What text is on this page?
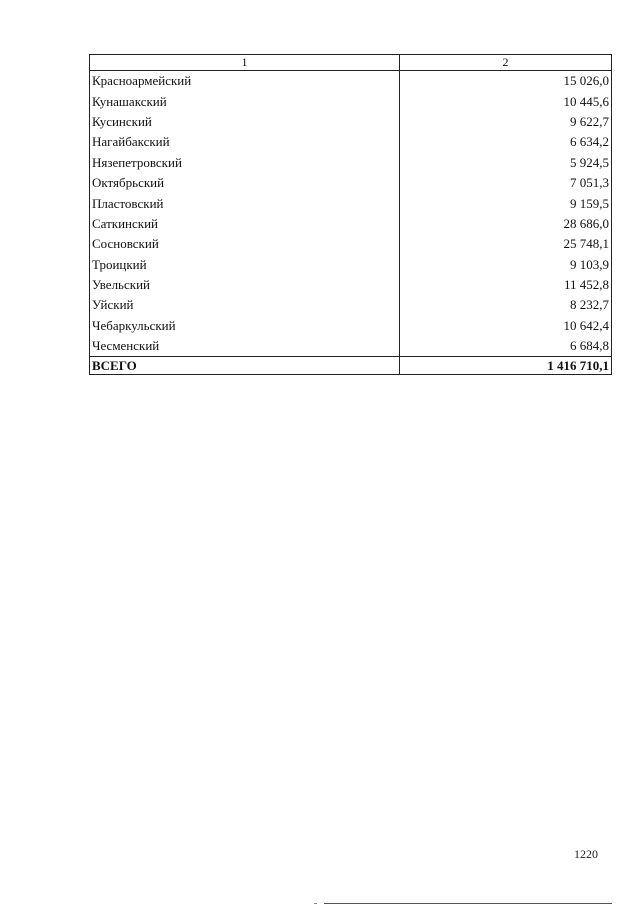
1	2
Красноармейский	15 026,0
Кунашакский	10 445,6
Кусинский	9 622,7
Нагайбакский	6 634,2
Нязепетровский	5 924,5
Октябрьский	7 051,3
Пластовский	9 159,5
Саткинский	28 686,0
Сосновский	25 748,1
Троицкий	9 103,9
Увельский	11 452,8
Уйский	8 232,7
Чебаркульский	10 642,4
Чесменский	6 684,8
ВСЕГО	1 416 710,1
1220
